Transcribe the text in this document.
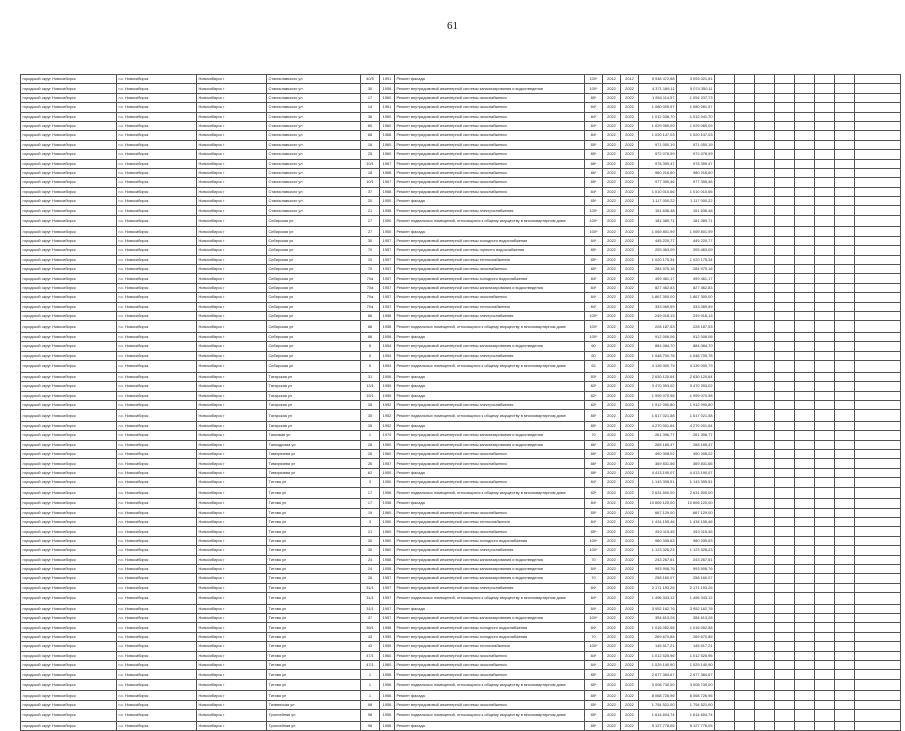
61
городской округ Новосибирск	г.о. Новосибирск	Новосибирск г	Станиславского ул	40/5	1991	Ремонт фасада	100*	2012	2012	5 948 472,68	3 093 021,61								
городской округ Новосибирск	г.о. Новосибирск	Новосибирск г	Станиславского ул	30	1958	Ремонт внутридомовой инженерной системы канализирования и водоотведения	100*	2022	2022	4 371 189,11	5 074 350,11								
городской округ Новосибирск	г.о. Новосибирск	Новосибирск г	Станиславского ул	17	1960	Ремонт внутридомовой инженерной системы газоснабжения	85*	2022	2022	1 954 114,57	1 054 237,73								
городской округ Новосибирск	г.о. Новосибирск	Новосибирск г	Станиславского ул	14	1961	Ремонт внутридомовой инженерной системы газоснабжения	84*	2022	2022	1 080 005,97	1 080 081,97								
городской округ Новосибирск	г.о. Новосибирск	Новосибирск г	Станиславского ул	36	1960	Ремонт внутридомовой инженерной системы газоснабжения	84*	2022	2022	1 012 038,70	1 012 041,70								
городской округ Новосибирск	г.о. Новосибирск	Новосибирск г	Станиславского ул	60	1960	Ремонт внутридомовой инженерной системы газоснабжения	84*	2022	2022	1 029 069,09	1 029 069,09								
городской округ Новосибирск	г.о. Новосибирск	Новосибирск г	Станиславского ул	68	1968	Ремонт внутридомовой инженерной системы газоснабжения	84*	2022	2022	1 020 147,03	1 020 147,03								
городской округ Новосибирск	г.о. Новосибирск	Новосибирск г	Станиславского ул	16	1960	Ремонт внутридомовой инженерной системы газоснабжения	85*	2022	2022	971 050,19	971 050,19								
городской округ Новосибирск	г.о. Новосибирск	Новосибирск г	Станиславского ул	25	1960	Ремонт внутридомовой инженерной системы газоснабжения	85*	2022	2022	972 078,99	972 078,99								
городской округ Новосибирск	г.о. Новосибирск	Новосибирск г	Станиславского ул	10/1	1967	Ремонт внутридомовой инженерной системы газоснабжения	86*	2022	2022	978 399,47	978 399,47								
городской округ Новосибирск	г.о. Новосибирск	Новосибирск г	Станиславского ул	18	1968	Ремонт внутридомовой инженерной системы газоснабжения	86*	2022	2022	980 216,60	980 216,60								
городской округ Новосибирск	г.о. Новосибирск	Новосибирск г	Станиславского ул	10/1	1967	Ремонт внутридомовой инженерной системы газоснабжения	85*	2022	2022	977 395,46	977 395,46								
городской округ Новосибирск	г.о. Новосибирск	Новосибирск г	Станиславского ул	37	1958	Ремонт внутридомовой инженерной системы газоснабжения	84*	2022	2022	1 010 010,66	1 010 010,66								
городской округ Новосибирск	г.о. Новосибирск	Новосибирск г	Станиславского ул	20	1950	Ремонт фасада	85*	2022	2022	1 117 000,22	1 117 000,22								
городской округ Новосибирск	г.о. Новосибирск	Новосибирск г	Станиславского ул	21	1958	Ремонт внутридомовой инженерной системы электроснабжения	100*	2022	2022	151 638,48	151 638,48								
городской округ Новосибирск	г.о. Новосибирск	Новосибирск г	Сибирская ул	27	1950	Ремонт подвальных помещений, относящихся к общему имуществу в многоквартирном доме	100*	2022	2022	181 389,71	181 389,71								
городской округ Новосибирск	г.о. Новосибирск	Новосибирск г	Сибирская ул	27	1950	Ремонт фасада	100*	2022	2022	1 069 801,99	1 069 801,99								
городской округ Новосибирск	г.о. Новосибирск	Новосибирск г	Сибирская ул	30	1957	Ремонт внутридомовой инженерной системы холодного водоснабжения	84*	2022	2022	445 220,77	445 220,77								
городской округ Новосибирск	г.о. Новосибирск	Новосибирск г	Сибирская ул	70	1957	Ремонт внутридомовой инженерной системы горячего водоснабжения	85*	2022	2022	205 463,09	205 463,09								
городской округ Новосибирск	г.о. Новосибирск	Новосибирск г	Сибирская ул	10	1957	Ремонт внутридомовой инженерной системы теплоснабжения	85*	2022	2022	1 020 175,34	1 020 175,34								
городской округ Новосибирск	г.о. Новосибирск	Новосибирск г	Сибирская ул	70	1957	Ремонт внутридомовой инженерной системы газоснабжения	85*	2022	2022	284 975,16	284 975,16								
городской округ Новосибирск	г.о. Новосибирск	Новосибирск г	Сибирская ул	70a	1957	Ремонт внутридомовой инженерной системы холодного водоснабжения	84*	2022	2022	499 461,17	499 461,17								
городской округ Новосибирск	г.о. Новосибирск	Новосибирск г	Сибирская ул	70a	1957	Ремонт внутридомовой инженерной системы канализирования и водоотведения	84*	2022	2022	827 462,83	827 462,83								
городской округ Новосибирск	г.о. Новосибирск	Новосибирск г	Сибирская ул	70a	1957	Ремонт внутридомовой инженерной системы газоснабжения	84*	2022	2022	1 867 300,00	1 867 300,00								
городской округ Новосибирск	г.о. Новосибирск	Новосибирск г	Сибирская ул	70a	1957	Ремонт внутридомовой инженерной системы теплоснабжения	84*	2022	2022	333 069,59	333 069,59								
городской округ Новосибирск	г.о. Новосибирск	Новосибирск г	Сибирская ул	86	1958	Ремонт внутридомовой инженерной системы электроснабжения	100*	2022	2022	249 018,13	249 018,13								
городской округ Новосибирск	г.о. Новосибирск	Новосибирск г	Сибирская ул	86	1958	Ремонт подвальных помещений, относящихся к общему имуществу в многоквартирном доме	100*	2022	2022	228 187,53	228 187,53								
городской округ Новосибирск	г.о. Новосибирск	Новосибирск г	Сибирская ул	86	1958	Ремонт фасада	100*	2022	2022	912 006,06	912 006,06								
городской округ Новосибирск	г.о. Новосибирск	Новосибирск г	Сибирская ул	6	1954	Ремонт внутридомовой инженерной системы канализирования и водоотведения	60	2022	2022	884 084,70	884 084,70								
городской округ Новосибирск	г.о. Новосибирск	Новосибирск г	Сибирская ул	6	1954	Ремонт внутридомовой инженерной системы электроснабжения	60	2022	2022	1 048 700,78	1 048 700,78								
городской округ Новосибирск	г.о. Новосибирск	Новосибирск г	Сибирская ул	6	1954	Ремонт подвальных помещений, относящихся к общему имуществу в многоквартирном доме	62	2022	2022	4 139 000,79	4 139 000,79								
городской округ Новосибирск	г.о. Новосибирск	Новосибирск г	Татарская ул	31	1956	Ремонт фасада	83*	2022	2022	2 630 120,64	2 630 120,64								
городской округ Новосибирск	г.о. Новосибирск	Новосибирск г	Татарская ул	13/1	1959	Ремонт фасада	83*	2022	2022	3 470 393,02	3 470 393,02								
городской округ Новосибирск	г.о. Новосибирск	Новосибирск г	Татарская ул	15/1	1959	Ремонт фасада	82*	2022	2022	1 999 070,98	1 999 070,98								
городской округ Новосибирск	г.о. Новосибирск	Новосибирск г	Татарская ул	35	1952	Ремонт внутридомовой инженерной системы электроснабжения	83*	2022	2022	1 912 090,80	1 912 090,80								
городской округ Новосибирск	г.о. Новосибирск	Новосибирск г	Татарская ул	35	1952	Ремонт подвальных помещений, относящихся к общему имуществу в многоквартирном доме	85*	2022	2022	1 617 021,58	1 617 021,58								
городской округ Новосибирск	г.о. Новосибирск	Новосибирск г	Татарская ул	35	1952	Ремонт фасада	85*	2022	2022	4 270 001,64	4 270 001,64								
городской округ Новосибирск	г.о. Новосибирск	Новосибирск г	Танковая ул	1	1970	Ремонт внутридомовой инженерной системы канализирования и водоотведения	70	2022	2022	261 396,77	261 396,77								
городской округ Новосибирск	г.о. Новосибирск	Новосибирск г	Танкодрома ул	26	1960	Ремонт внутридомовой инженерной системы канализирования и водоотведения	86*	2022	2022	268 165,47	268 165,47								
городской округ Новосибирск	г.о. Новосибирск	Новосибирск г	Тимирязева ул	26	1960	Ремонт внутридомовой инженерной системы газоснабжения	86*	2022	2022	490 308,02	490 308,02								
городской округ Новосибирск	г.о. Новосибирск	Новосибирск г	Тимирязева ул	26	1957	Ремонт внутридомовой инженерной системы газоснабжения	86*	2022	2022	369 831,66	369 831,66								
городской округ Новосибирск	г.о. Новосибирск	Новосибирск г	Тимирязева ул	62	1950	Ремонт фасада	88*	2022	2022	4 413 190,07	4 413 190,07								
городской округ Новосибирск	г.о. Новосибирск	Новосибирск г	Титова ул	3	1950	Ремонт внутридомовой инженерной системы газоснабжения	84*	2022	2022	1 143 395,51	1 143 395,51								
городской округ Новосибирск	г.о. Новосибирск	Новосибирск г	Титова ул	17	1956	Ремонт подвальных помещений, относящихся к общему имуществу в многоквартирном доме	83*	2022	2022	2 631 500,00	2 631 500,00								
городской округ Новосибирск	г.о. Новосибирск	Новосибирск г	Титова ул	17	1956	Ремонт фасада	84*	2022	2022	10 606 120,00	10 606 120,00								
городской округ Новосибирск	г.о. Новосибирск	Новосибирск г	Титова ул	19	1960	Ремонт внутридомовой инженерной системы газоснабжения	85*	2022	2022	667 129,00	667 129,00								
городской округ Новосибирск	г.о. Новосибирск	Новосибирск г	Титова ул	3	1950	Ремонт внутридомовой инженерной системы теплоснабжения	84*	2022	2022	1 434 155,46	1 434 155,46								
городской округ Новосибирск	г.о. Новосибирск	Новосибирск г	Титова ул	21	1960	Ремонт внутридомовой инженерной системы газоснабжения	85*	2022	2022	810 115,45	810 115,45								
городской округ Новосибирск	г.о. Новосибирск	Новосибирск г	Титова ул	30	1960	Ремонт внутридомовой инженерной системы холодного водоснабжения	100*	2022	2022	980 335,63	980 335,63								
городской округ Новосибирск	г.о. Новосибирск	Новосибирск г	Титова ул	30	1960	Ремонт внутридомовой инженерной системы электроснабжения	100*	2022	2022	1 123 326,23	1 123 326,23								
городской округ Новосибирск	г.о. Новосибирск	Новосибирск г	Титова ул	24	1958	Ремонт внутридомовой инженерной системы канализирования и водоотведения	70	2022	2022	243 267,61	243 267,61								
городской округ Новосибирск	г.о. Новосибирск	Новосибирск г	Титова ул	24	1958	Ремонт внутридомовой инженерной системы канализирования и водоотведения	84*	2022	2022	993 908,76	993 908,76								
городской округ Новосибирск	г.о. Новосибирск	Новосибирск г	Титова ул	26	1957	Ремонт внутридомовой инженерной системы канализирования и водоотведения	70	2022	2022	258 160,07	258 160,07								
городской округ Новосибирск	г.о. Новосибирск	Новосибирск г	Титова ул	31/1	1957	Ремонт внутридомовой инженерной системы электроснабжения	84*	2022	2022	2 171 193,26	2 171 193,26								
городской округ Новосибирск	г.о. Новосибирск	Новосибирск г	Титова ул	31/1	1957	Ремонт подвальных помещений, относящихся к общему имуществу в многоквартирном доме	84*	2022	2022	1 496 343,12	1 496 343,12								
городской округ Новосибирск	г.о. Новосибирск	Новосибирск г	Титова ул	31/1	1957	Ремонт фасада	84*	2022	2022	3 952 162,76	3 952 162,76								
городской округ Новосибирск	г.о. Новосибирск	Новосибирск г	Титова ул	37	1957	Ремонт внутридомовой инженерной системы канализирования и водоотведения	100*	2022	2022	354 613,28	354 613,28								
городской округ Новосибирск	г.о. Новосибирск	Новосибирск г	Титова ул	39/1	1958	Ремонт внутридомовой инженерной системы холодного водоснабжения	84*	2022	2022	1 016 052,58	1 016 052,58								
городской округ Новосибирск	г.о. Новосибирск	Новосибирск г	Титова ул	43	1959	Ремонт внутридомовой инженерной системы холодного водоснабжения	70	2022	2022	269 670,85	269 670,85								
городской округ Новосибирск	г.о. Новосибирск	Новосибирск г	Титова ул	43	1959	Ремонт внутридомовой инженерной системы теплоснабжения	100*	2022	2022	145 917,21	145 917,21								
городской округ Новосибирск	г.о. Новосибирск	Новосибирск г	Титова ул	47/1	1960	Ремонт внутридомовой инженерной системы газоснабжения	84*	2022	2022	1 012 525,96	1 012 525,96								
городской округ Новосибирск	г.о. Новосибирск	Новосибирск г	Титова ул	47/1	1960	Ремонт внутридомовой инженерной системы газоснабжения	84*	2022	2022	1 029 140,90	1 029 140,90								
городской округ Новосибирск	г.о. Новосибирск	Новосибирск г	Титова ул	1	1956	Ремонт внутридомовой инженерной системы газоснабжения	85*	2022	2022	2 677 384,67	2 677 384,67								
городской округ Новосибирск	г.о. Новосибирск	Новосибирск г	Титова ул	1	1956	Ремонт подвальных помещений, относящихся к общему имуществу в многоквартирном доме	85*	2022	2022	3 008 730,00	3 008 730,00								
городской округ Новосибирск	г.о. Новосибирск	Новосибирск г	Титова ул	1	1956	Ремонт фасада	85*	2022	2022	8 068 726,96	8 068 726,96								
городской округ Новосибирск	г.о. Новосибирск	Новосибирск г	Тихвинская ул	98	1956	Ремонт внутридомовой инженерной системы газоснабжения	85*	2022	2022	1 754 521,00	1 754 521,00								
городской округ Новосибирск	г.о. Новосибирск	Новосибирск г	Троллейная ул	98	1956	Ремонт подвальных помещений, относящихся к общему имуществу в многоквартирном доме	85*	2022	2022	1 614 604,74	1 614 604,74								
городской округ Новосибирск	г.о. Новосибирск	Новосибирск г	Троллейная ул	98	1956	Ремонт фасада	85*	2022	2022	5 127 778,05	5 127 778,05								
